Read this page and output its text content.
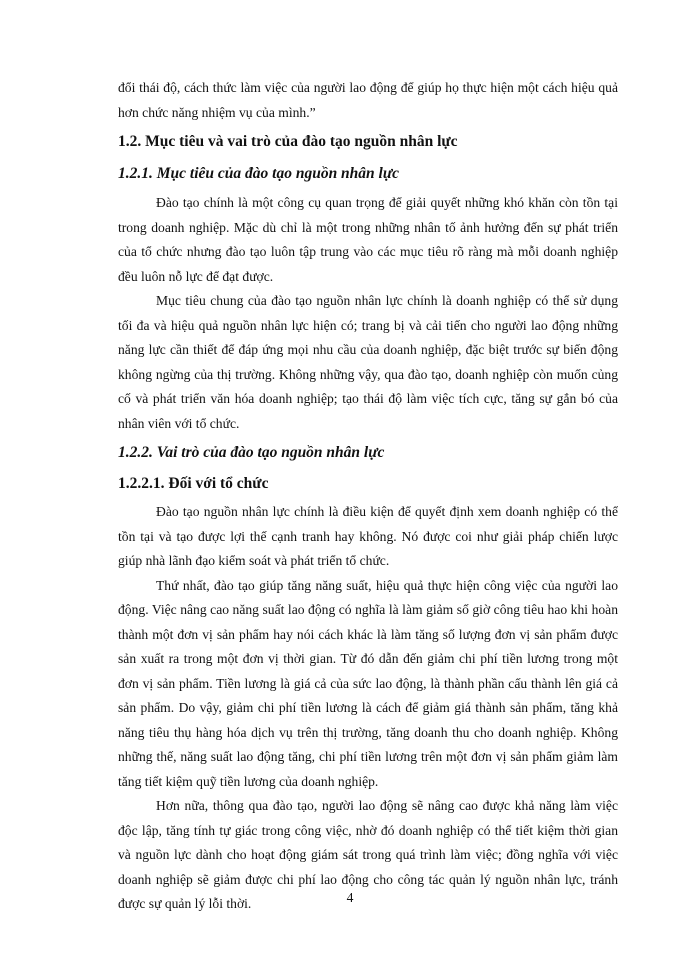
đổi thái độ, cách thức làm việc của người lao động để giúp họ thực hiện một cách hiệu quả hơn chức năng nhiệm vụ của mình.”

1.2. Mục tiêu và vai trò của đào tạo nguồn nhân lực
1.2.1. Mục tiêu của đào tạo nguồn nhân lực

Đào tạo chính là một công cụ quan trọng để giải quyết những khó khăn còn tồn tại trong doanh nghiệp. Mặc dù chỉ là một trong những nhân tố ảnh hưởng đến sự phát triển của tổ chức nhưng đào tạo luôn tập trung vào các mục tiêu rõ ràng mà mỗi doanh nghiệp đều luôn nỗ lực để đạt được.

Mục tiêu chung của đào tạo nguồn nhân lực chính là doanh nghiệp có thể sử dụng tối đa và hiệu quả nguồn nhân lực hiện có; trang bị và cải tiến cho người lao động những năng lực cần thiết để đáp ứng mọi nhu cầu của doanh nghiệp, đặc biệt trước sự biến động không ngừng của thị trường. Không những vậy, qua đào tạo, doanh nghiệp còn muốn củng cố và phát triển văn hóa doanh nghiệp; tạo thái độ làm việc tích cực, tăng sự gắn bó của nhân viên với tổ chức.

1.2.2. Vai trò của đào tạo nguồn nhân lực
1.2.2.1. Đối với tổ chức

Đào tạo nguồn nhân lực chính là điều kiện để quyết định xem doanh nghiệp có thể tồn tại và tạo được lợi thế cạnh tranh hay không. Nó được coi như giải pháp chiến lược giúp nhà lãnh đạo kiểm soát và phát triển tổ chức.

Thứ nhất, đào tạo giúp tăng năng suất, hiệu quả thực hiện công việc của người lao động. Việc nâng cao năng suất lao động có nghĩa là làm giảm số giờ công tiêu hao khi hoàn thành một đơn vị sản phẩm hay nói cách khác là làm tăng số lượng đơn vị sản phẩm được sản xuất ra trong một đơn vị thời gian. Từ đó dẫn đến giảm chi phí tiền lương trong một đơn vị sản phẩm. Tiền lương là giá cả của sức lao động, là thành phần cấu thành lên giá cả sản phẩm. Do vậy, giảm chi phí tiền lương là cách để giảm giá thành sản phẩm, tăng khả năng tiêu thụ hàng hóa dịch vụ trên thị trường, tăng doanh thu cho doanh nghiệp. Không những thế, năng suất lao động tăng, chi phí tiền lương trên một đơn vị sản phẩm giảm làm tăng tiết kiệm quỹ tiền lương của doanh nghiệp.

Hơn nữa, thông qua đào tạo, người lao động sẽ nâng cao được khả năng làm việc độc lập, tăng tính tự giác trong công việc, nhờ đó doanh nghiệp có thể tiết kiệm thời gian và nguồn lực dành cho hoạt động giám sát trong quá trình làm việc; đồng nghĩa với việc doanh nghiệp sẽ giảm được chi phí lao động cho công tác quản lý nguồn nhân lực, tránh được sự quản lý lỗi thời.	4
